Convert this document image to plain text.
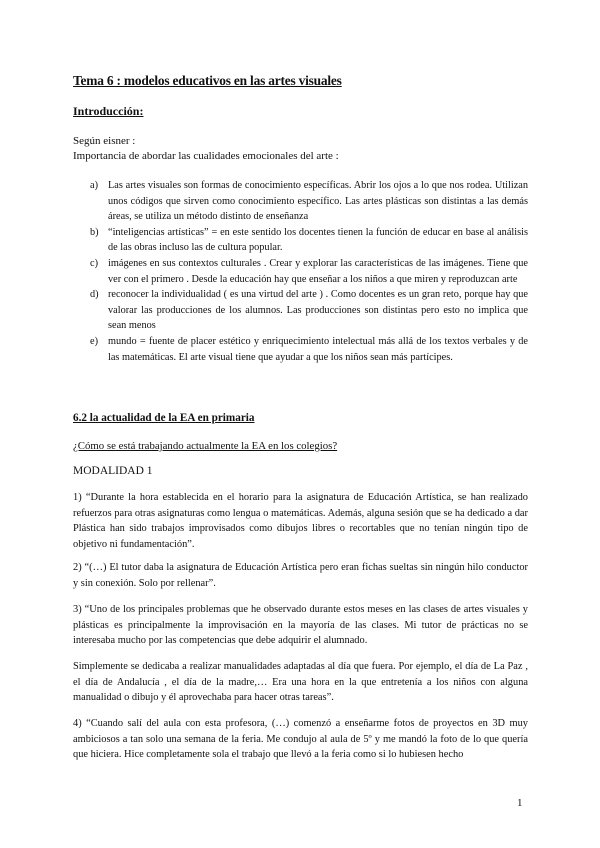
Tema 6 : modelos educativos en las artes visuales
Introducción:
Según eisner :
Importancia de abordar las cualidades emocionales del arte :
a) Las artes visuales son formas de conocimiento específicas. Abrir los ojos a lo que nos rodea. Utilizan unos códigos que sirven como conocimiento específico. Las artes plásticas son distintas a las demás áreas, se utiliza un método distinto de enseñanza
b) “inteligencias artísticas” = en este sentido los docentes tienen la función de educar en base al análisis de las obras incluso las de cultura popular.
c) imágenes en sus contextos culturales . Crear y explorar las características de las imágenes. Tiene que ver con el primero . Desde la educación hay que enseñar a los niños a que miren y reproduzcan arte
d) reconocer la individualidad ( es una virtud del arte ) . Como docentes es un gran reto, porque hay que valorar las producciones de los alumnos. Las producciones son distintas pero esto no implica que sean menos
e) mundo = fuente de placer estético y enriquecimiento intelectual más allá de los textos verbales y de las matemáticas. El arte visual tiene que ayudar a que los niños sean más partícipes.
6.2 la actualidad de la EA en primaria
¿Cómo se está trabajando actualmente la EA en los colegios?
MODALIDAD 1

1) “Durante la hora establecida en el horario para la asignatura de Educación Artística, se han realizado refuerzos para otras asignaturas como lengua o matemáticas. Además, alguna sesión que se ha dedicado a dar Plástica han sido trabajos improvisados como dibujos libres o recortables que no tenían ningún tipo de objetivo ni fundamentación”.

2) “(…) El tutor daba la asignatura de Educación Artística pero eran fichas sueltas sin ningún hilo conductor y sin conexión. Solo por rellenar”.

3) “Uno de los principales problemas que he observado durante estos meses en las clases de artes visuales y plásticas es principalmente la improvisación en la mayoría de las clases. Mi tutor de prácticas no se interesaba mucho por las competencias que debe adquirir el alumnado.

Simplemente se dedicaba a realizar manualidades adaptadas al día que fuera. Por ejemplo, el día de La Paz , el día de Andalucía , el día de la madre,… Era una hora en la que entretenía a los niños con alguna manualidad o dibujo y él aprovechaba para hacer otras tareas”.

4) “Cuando salí del aula con esta profesora, (…) comenzó a enseñarme fotos de proyectos en 3D muy ambiciosos a tan solo una semana de la feria. Me condujo al aula de 5º y me mandó la foto de lo que quería que hiciera. Hice completamente sola el trabajo que llevó a la feria como si lo hubiesen hecho

1
